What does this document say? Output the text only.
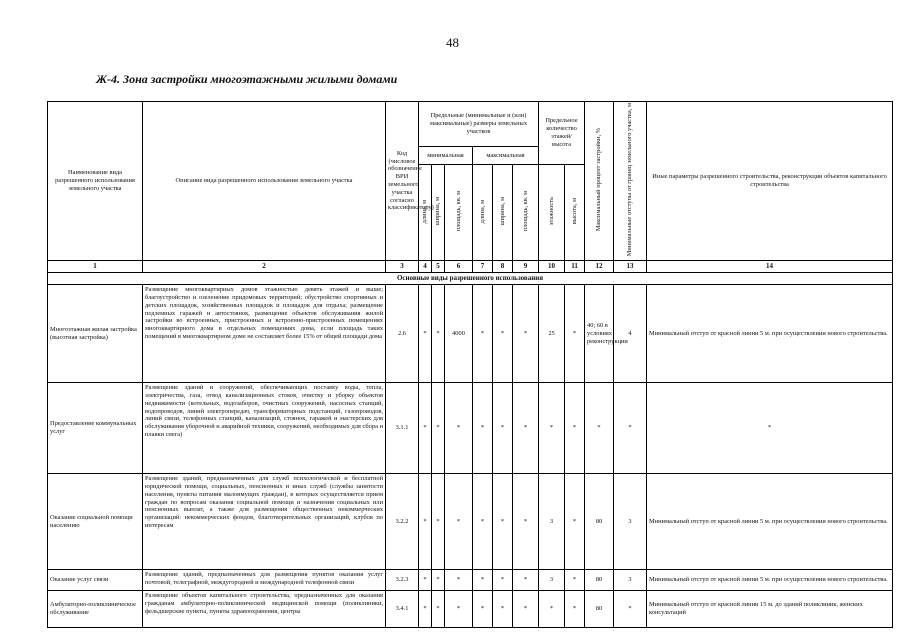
48
Ж-4. Зона застройки многоэтажными жилыми домами
Наименование вида разрешенного использования земельного участка	Описание вида разрешенного использования земельного участка	Код (числовое обозначение ВРИ земельного участка согласно классификатору)	Предельные (минимальные и (или) максимальные) размеры земельных участков						Предельное количество этажей/ высота		Максимальный процент застройки, %	Минимальные отступы от границ земельного участка, м	Иные параметры разрешенного строительства, реконструкции объектов капитального строительства
			минимальная			максимальная							
			длина, м	ширина, м	площадь, кв. м	длина, м	ширина, м	площадь, кв. м	этажность	высота, м			
1	2	3	4	5	6	7	8	9	10	11	12	13	14
Основные виды разрешенного использования													
Многоэтажная жилая застройка (высотная застройка)	Размещение многоквартирных домов этажностью девять этажей и выше; благоустройство и озеленение придомовых территорий; обустройство спортивных и детских площадок, хозяйственных площадок и площадок для отдыха; размещение подземных гаражей и автостоянок, размещение объектов обслуживания жилой застройки во встроенных, пристроенных и встроенно-пристроенных помещениях многоквартирного дома в отдельных помещениях дома, если площадь таких помещений в многоквартирном доме не составляет более 15% от общей площади дома	2.6	*	*	4000	*	*	*	25	*	40; 60 в условиях реконструкции	4	Минимальный отступ от красной линии 5 м. при осуществлении нового строительства.
Предоставление коммунальных услуг	Размещение зданий и сооружений, обеспечивающих поставку воды, тепла, электричества, газа, отвод канализационных стоков, очистку и уборку объектов недвижимости (котельных, водозаборов, очистных сооружений, насосных станций, водопроводов, линий электропередач, трансформаторных подстанций, газопроводов, линий связи, телефонных станций, канализаций, стоянок, гаражей и мастерских для обслуживания уборочной и аварийной техники, сооружений, необходимых для сбора и плавки снега)	3.1.1	*	*	*	*	*	*	*	*	*	*	*
Оказание социальной помощи населению	Размещение зданий, предназначенных для служб психологической и бесплатной юридической помощи, социальных, пенсионных и иных служб (службы занятости населения, пункты питания малоимущих граждан), в которых осуществляется прием граждан по вопросам оказания социальной помощи и назначения социальных или пенсионных выплат, а также для размещения общественных некоммерческих организаций: некоммерческих фондов, благотворительных организаций, клубов по интересам	3.2.2	*	*	*	*	*	*	3	*	80	3	Минимальный отступ от красной линии 5 м. при осуществлении нового строительства.
Оказание услуг связи	Размещение зданий, предназначенных для размещения пунктов оказания услуг почтовой, телеграфной, междугородней и международной телефонной связи	3.2.3	*	*	*	*	*	*	3	*	80	3	Минимальный отступ от красной линии 5 м. при осуществлении нового строительства.
Амбулаторно-поликлиническое обслуживание	Размещение объектов капитального строительства, предназначенных для оказания гражданам амбулаторно-поликлинической медицинской помощи (поликлиники, фельдшерские пункты, пункты здравоохранения, центры	3.4.1	*	*	*	*	*	*	*	*	80	*	Минимальный отступ от красной линии 15 м. до зданий поликлиник, женских консультаций
